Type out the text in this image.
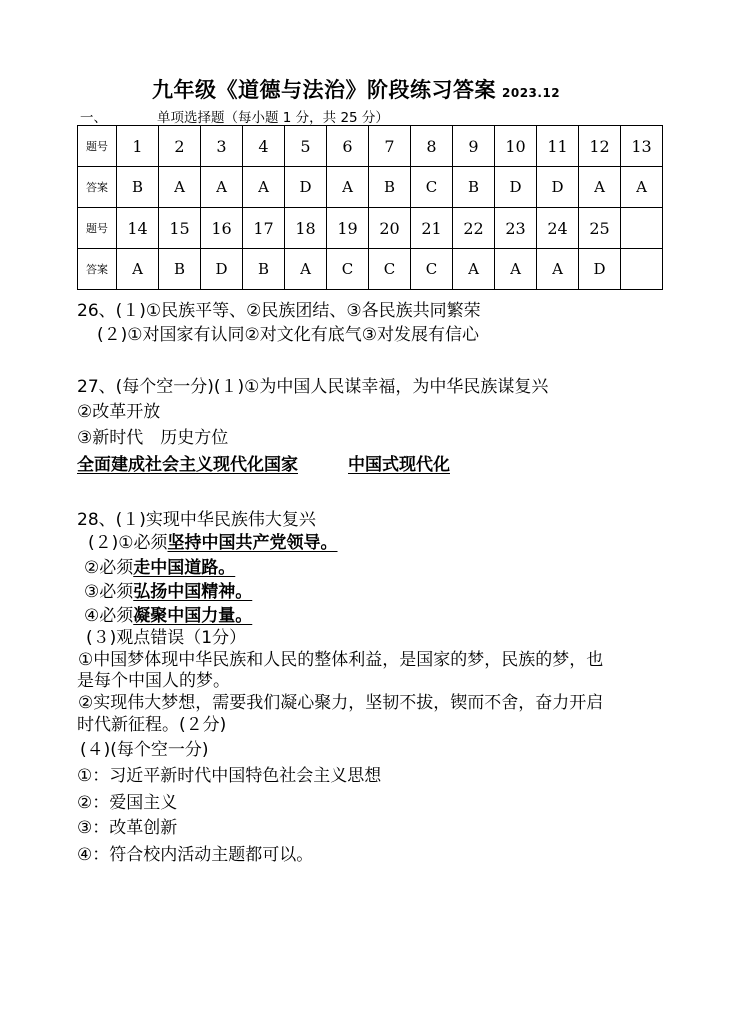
九年级《道德与法治》阶段练习答案 2023.12
一、	单项选择题（每小题 1 分，共 25 分）
题号	1	2	3	4	5	6	7	8	9	10	11	12	13
答案	B	A	A	A	D	A	B	C	B	D	D	A	A
题号	14	15	16	17	18	19	20	21	22	23	24	25	
答案	A	B	D	B	A	C	C	C	A	A	A	D	
26、(１)①民族平等、②民族团结、③各民族共同繁荣
(２)①对国家有认同②对文化有底气③对发展有信心
27、(每个空一分)(１)①为中国人民谋幸福，为中华民族谋复兴
②改革开放
③新时代　历史方位
全面建成社会主义现代化国家	中国式现代化
28、(１)实现中华民族伟大复兴
(２)①必须坚持中国共产党领导。
②必须走中国道路。
③必须弘扬中国精神。
④必须凝聚中国力量。
(３)观点错误（1分）
①中国梦体现中华民族和人民的整体利益，是国家的梦，民族的梦，也
是每个中国人的梦。
②实现伟大梦想，需要我们凝心聚力，坚韧不拔，锲而不舍，奋力开启
时代新征程。(２分)
(４)(每个空一分)
①：习近平新时代中国特色社会主义思想
②：爱国主义
③：改革创新
④：符合校内活动主题都可以。
